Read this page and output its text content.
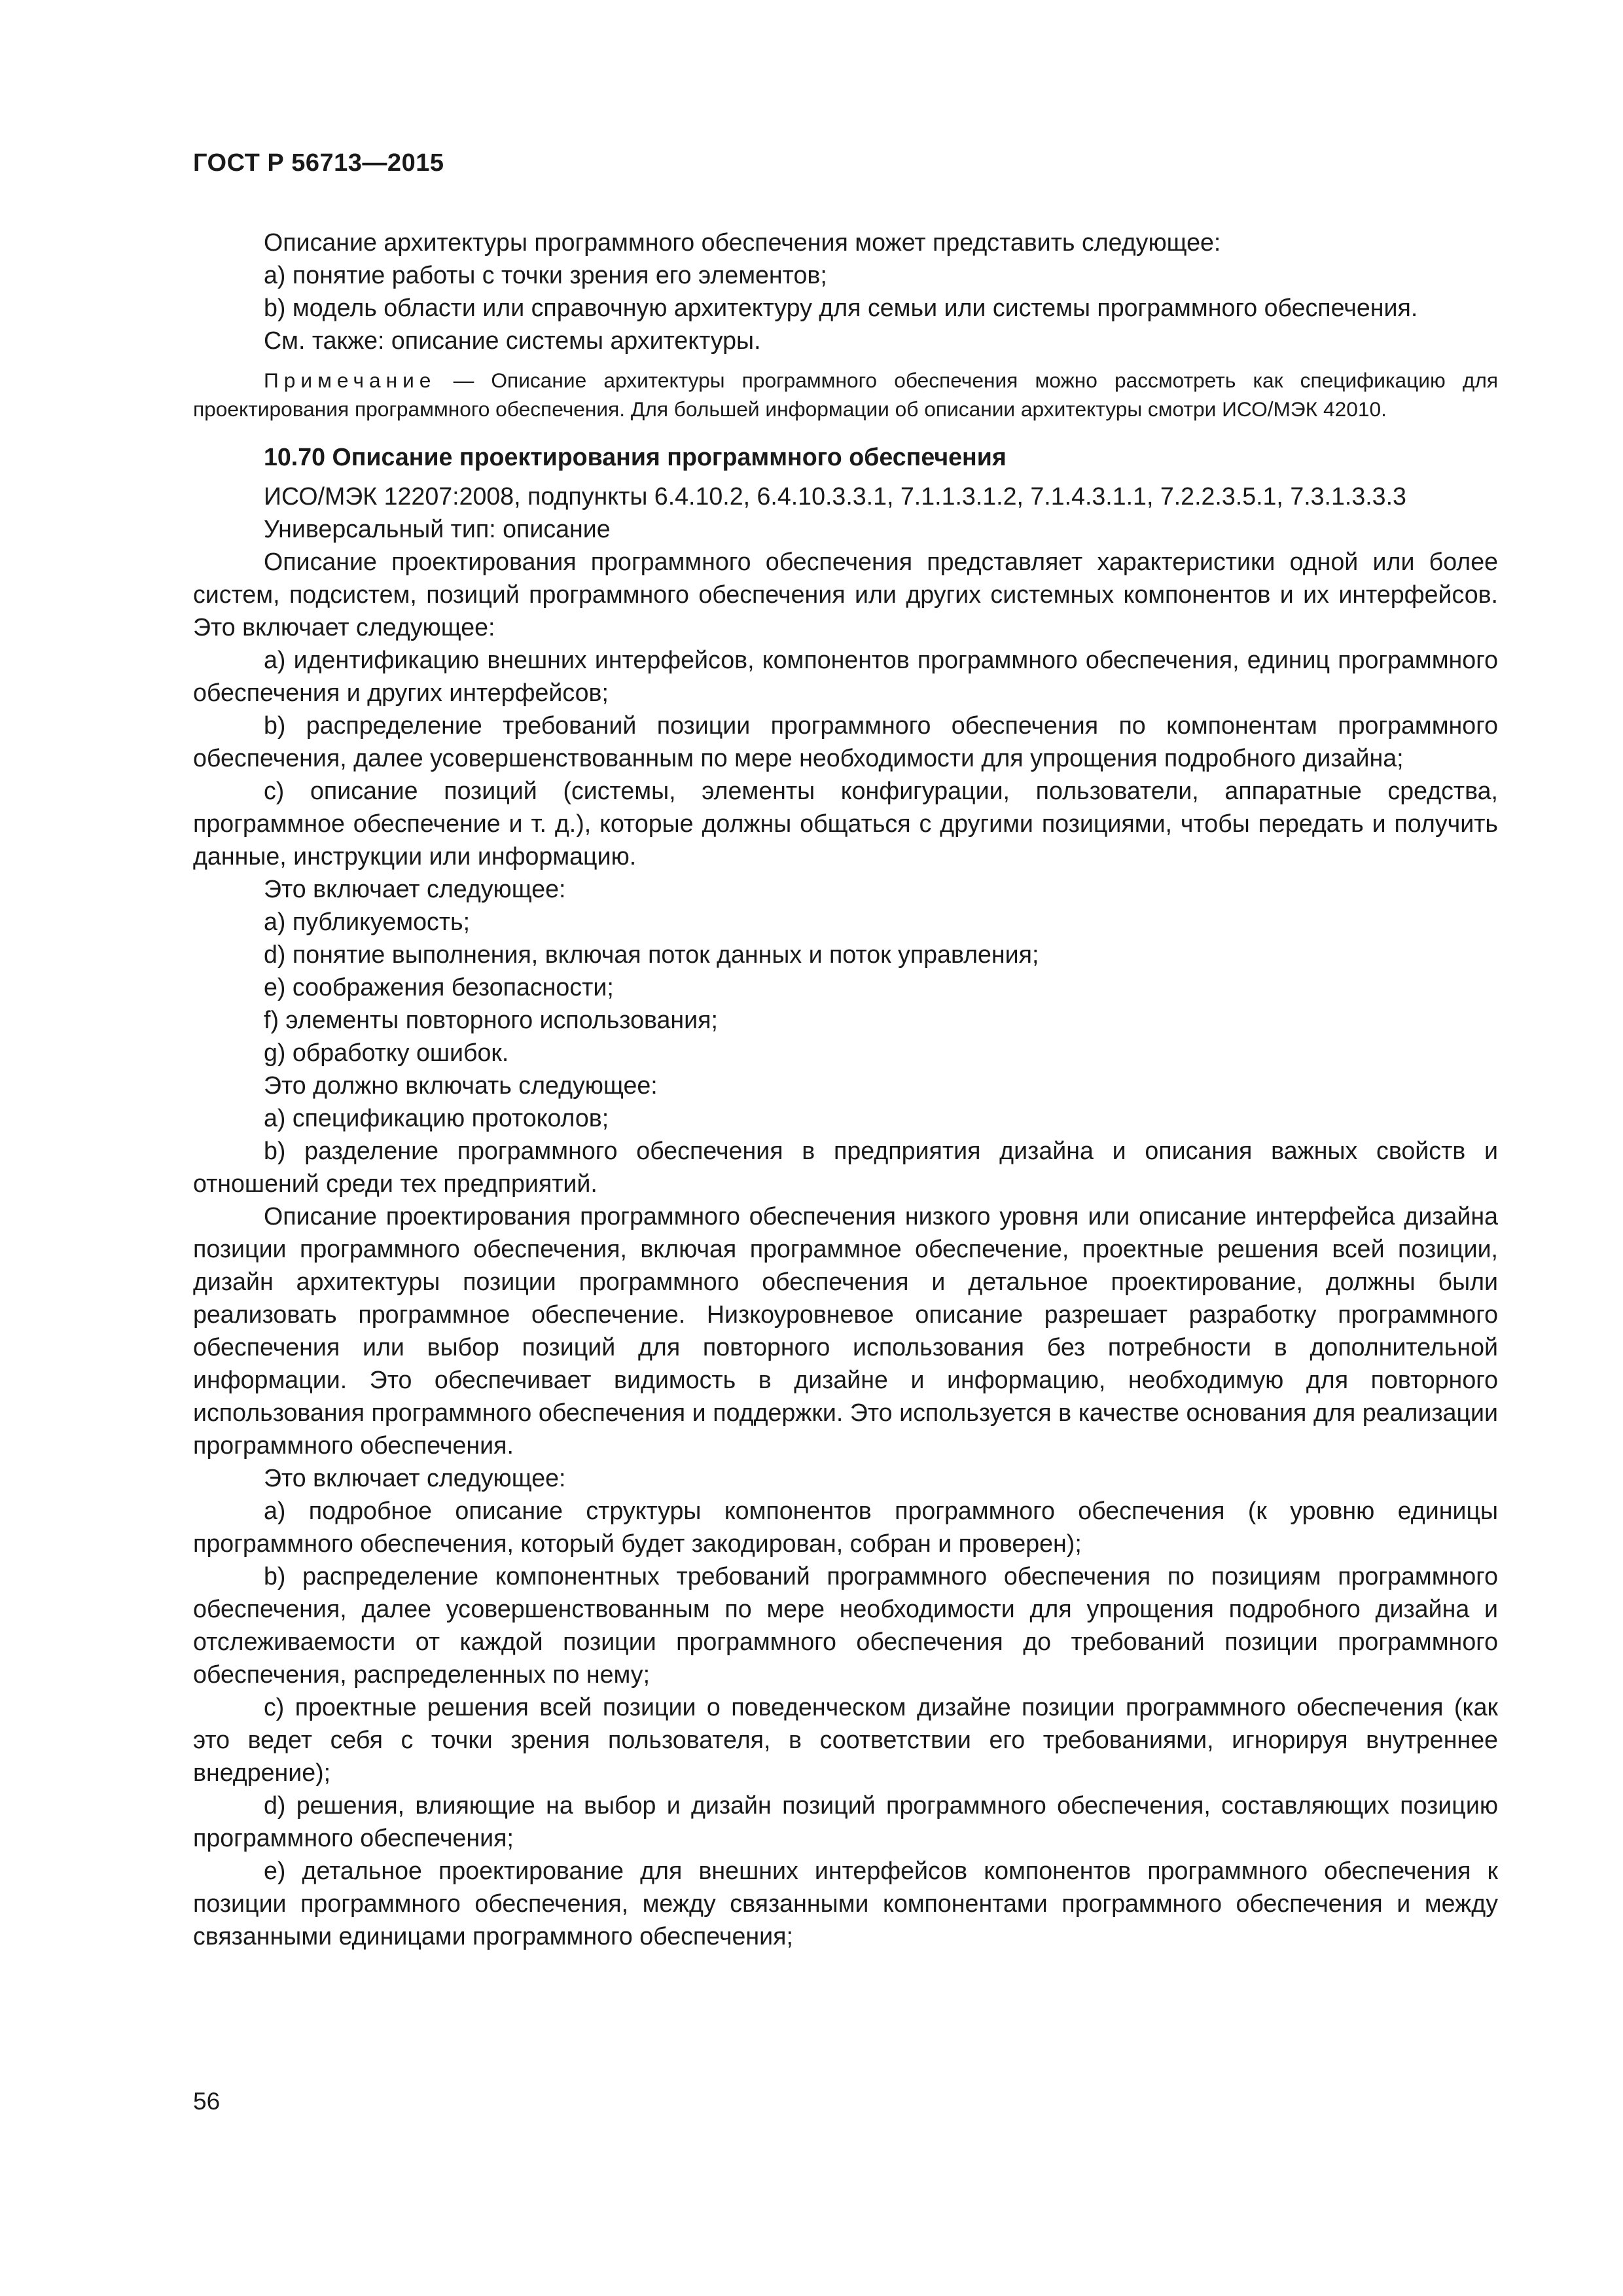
ГОСТ Р 56713—2015

Описание архитектуры программного обеспечения может представить следующее:

a) понятие работы с точки зрения его элементов;

b) модель области или справочную архитектуру для семьи или системы программного обеспечения.

См. также: описание системы архитектуры.

Примечание — Описание архитектуры программного обеспечения можно рассмотреть как спецификацию для проектирования программного обеспечения. Для большей информации об описании архитектуры смотри ИСО/МЭК 42010.

10.70 Описание проектирования программного обеспечения

ИСО/МЭК 12207:2008, подпункты 6.4.10.2, 6.4.10.3.3.1, 7.1.1.3.1.2, 7.1.4.3.1.1, 7.2.2.3.5.1, 7.3.1.3.3.3

Универсальный тип: описание

Описание проектирования программного обеспечения представляет характеристики одной или более систем, подсистем, позиций программного обеспечения или других системных компонентов и их интерфейсов. Это включает следующее:

a) идентификацию внешних интерфейсов, компонентов программного обеспечения, единиц программного обеспечения и других интерфейсов;

b) распределение требований позиции программного обеспечения по компонентам программного обеспечения, далее усовершенствованным по мере необходимости для упрощения подробного дизайна;

c) описание позиций (системы, элементы конфигурации, пользователи, аппаратные средства, программное обеспечение и т. д.), которые должны общаться с другими позициями, чтобы передать и получить данные, инструкции или информацию.

Это включает следующее:

a) публикуемость;

d) понятие выполнения, включая поток данных и поток управления;

e) соображения безопасности;

f) элементы повторного использования;

g) обработку ошибок.

Это должно включать следующее:

a) спецификацию протоколов;

b) разделение программного обеспечения в предприятия дизайна и описания важных свойств и отношений среди тех предприятий.

Описание проектирования программного обеспечения низкого уровня или описание интерфейса дизайна позиции программного обеспечения, включая программное обеспечение, проектные решения всей позиции, дизайн архитектуры позиции программного обеспечения и детальное проектирование, должны были реализовать программное обеспечение. Низкоуровневое описание разрешает разработку программного обеспечения или выбор позиций для повторного использования без потребности в дополнительной информации. Это обеспечивает видимость в дизайне и информацию, необходимую для повторного использования программного обеспечения и поддержки. Это используется в качестве основания для реализации программного обеспечения.

Это включает следующее:

a) подробное описание структуры компонентов программного обеспечения (к уровню единицы программного обеспечения, который будет закодирован, собран и проверен);

b) распределение компонентных требований программного обеспечения по позициям программного обеспечения, далее усовершенствованным по мере необходимости для упрощения подробного дизайна и отслеживаемости от каждой позиции программного обеспечения до требований позиции программного обеспечения, распределенных по нему;

c) проектные решения всей позиции о поведенческом дизайне позиции программного обеспечения (как это ведет себя с точки зрения пользователя, в соответствии его требованиями, игнорируя внутреннее внедрение);

d) решения, влияющие на выбор и дизайн позиций программного обеспечения, составляющих позицию программного обеспечения;

e) детальное проектирование для внешних интерфейсов компонентов программного обеспечения к позиции программного обеспечения, между связанными компонентами программного обеспечения и между связанными единицами программного обеспечения;

56
